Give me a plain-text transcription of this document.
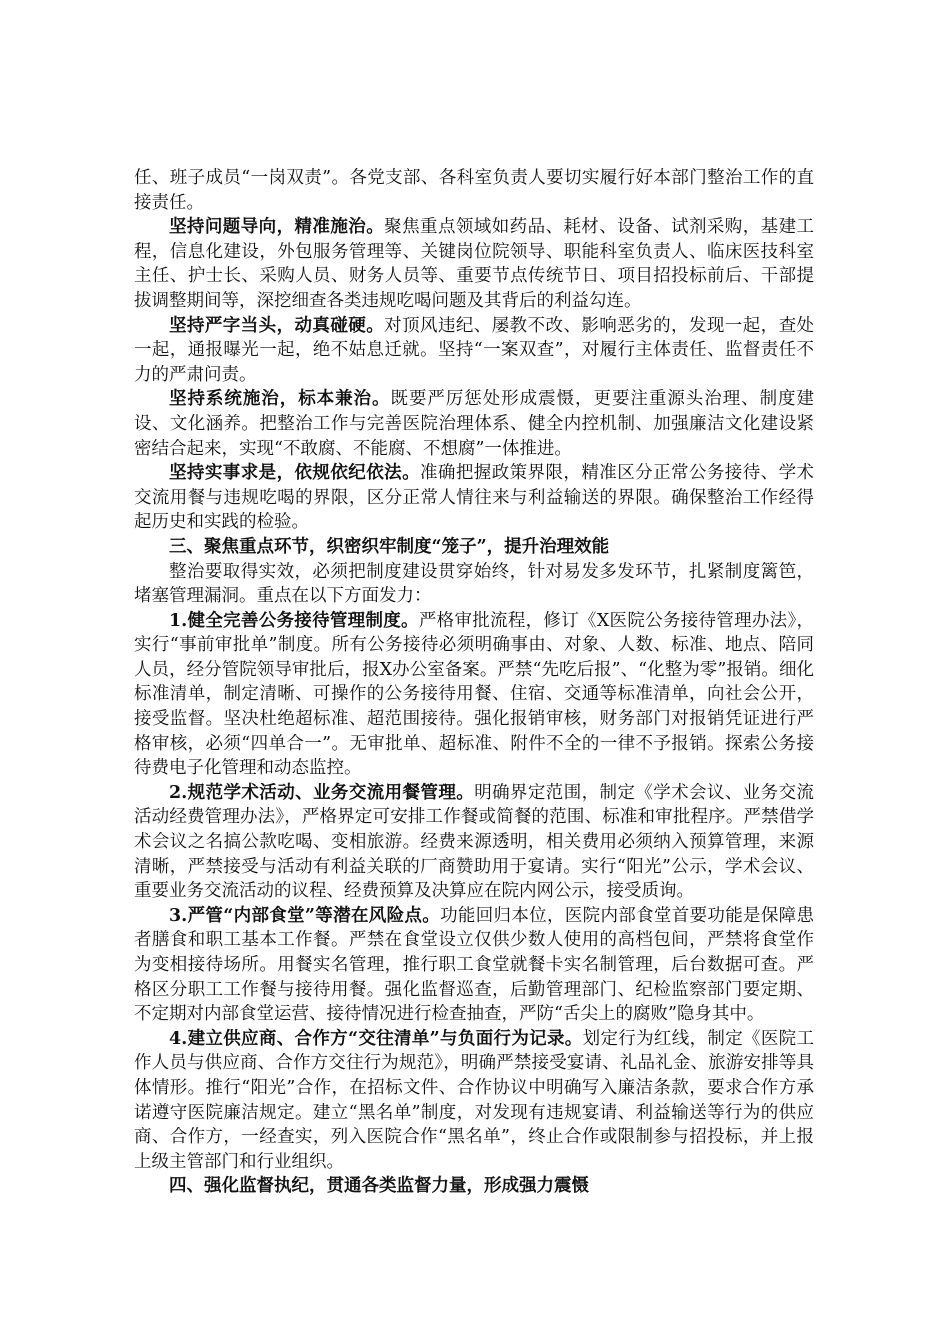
任、班子成员“一岗双责”。各党支部、各科室负责人要切实履行好本部门整治工作的直接责任。

坚持问题导向，精准施治。聚焦重点领域如药品、耗材、设备、试剂采购，基建工程，信息化建设，外包服务管理等、关键岗位院领导、职能科室负责人、临床医技科室主任、护士长、采购人员、财务人员等、重要节点传统节日、项目招投标前后、干部提拔调整期间等，深挖细查各类违规吃喝问题及其背后的利益勾连。

坚持严字当头，动真碰硬。对顶风违纪、屡教不改、影响恶劣的，发现一起，查处一起，通报曝光一起，绝不姑息迁就。坚持“一案双查”，对履行主体责任、监督责任不力的严肃问责。

坚持系统施治，标本兼治。既要严厉惩处形成震慑，更要注重源头治理、制度建设、文化涵养。把整治工作与完善医院治理体系、健全内控机制、加强廉洁文化建设紧密结合起来，实现“不敢腐、不能腐、不想腐”一体推进。

坚持实事求是，依规依纪依法。准确把握政策界限，精准区分正常公务接待、学术交流用餐与违规吃喝的界限，区分正常人情往来与利益输送的界限。确保整治工作经得起历史和实践的检验。

三、聚焦重点环节，织密织牢制度“笼子”，提升治理效能

整治要取得实效，必须把制度建设贯穿始终，针对易发多发环节，扎紧制度篱笆，堵塞管理漏洞。重点在以下方面发力：

1.健全完善公务接待管理制度。严格审批流程，修订《X医院公务接待管理办法》，实行“事前审批单”制度。所有公务接待必须明确事由、对象、人数、标准、地点、陪同人员，经分管院领导审批后，报X办公室备案。严禁“先吃后报”、“化整为零”报销。细化标准清单，制定清晰、可操作的公务接待用餐、住宿、交通等标准清单，向社会公开，接受监督。坚决杜绝超标准、超范围接待。强化报销审核，财务部门对报销凭证进行严格审核，必须“四单合一”。无审批单、超标准、附件不全的一律不予报销。探索公务接待费电子化管理和动态监控。

2.规范学术活动、业务交流用餐管理。明确界定范围，制定《学术会议、业务交流活动经费管理办法》，严格界定可安排工作餐或简餐的范围、标准和审批程序。严禁借学术会议之名搞公款吃喝、变相旅游。经费来源透明，相关费用必须纳入预算管理，来源清晰，严禁接受与活动有利益关联的厂商赞助用于宴请。实行“阳光”公示，学术会议、重要业务交流活动的议程、经费预算及决算应在院内网公示，接受质询。

3.严管“内部食堂”等潜在风险点。功能回归本位，医院内部食堂首要功能是保障患者膳食和职工基本工作餐。严禁在食堂设立仅供少数人使用的高档包间，严禁将食堂作为变相接待场所。用餐实名管理，推行职工食堂就餐卡实名制管理，后台数据可查。严格区分职工工作餐与接待用餐。强化监督巡查，后勤管理部门、纪检监察部门要定期、不定期对内部食堂运营、接待情况进行检查抽查，严防“舌尖上的腐败”隐身其中。

4.建立供应商、合作方“交往清单”与负面行为记录。划定行为红线，制定《医院工作人员与供应商、合作方交往行为规范》，明确严禁接受宴请、礼品礼金、旅游安排等具体情形。推行“阳光”合作，在招标文件、合作协议中明确写入廉洁条款，要求合作方承诺遵守医院廉洁规定。建立“黑名单”制度，对发现有违规宴请、利益输送等行为的供应商、合作方，一经查实，列入医院合作“黑名单”，终止合作或限制参与招投标，并上报上级主管部门和行业组织。

四、强化监督执纪，贯通各类监督力量，形成强力震慑
